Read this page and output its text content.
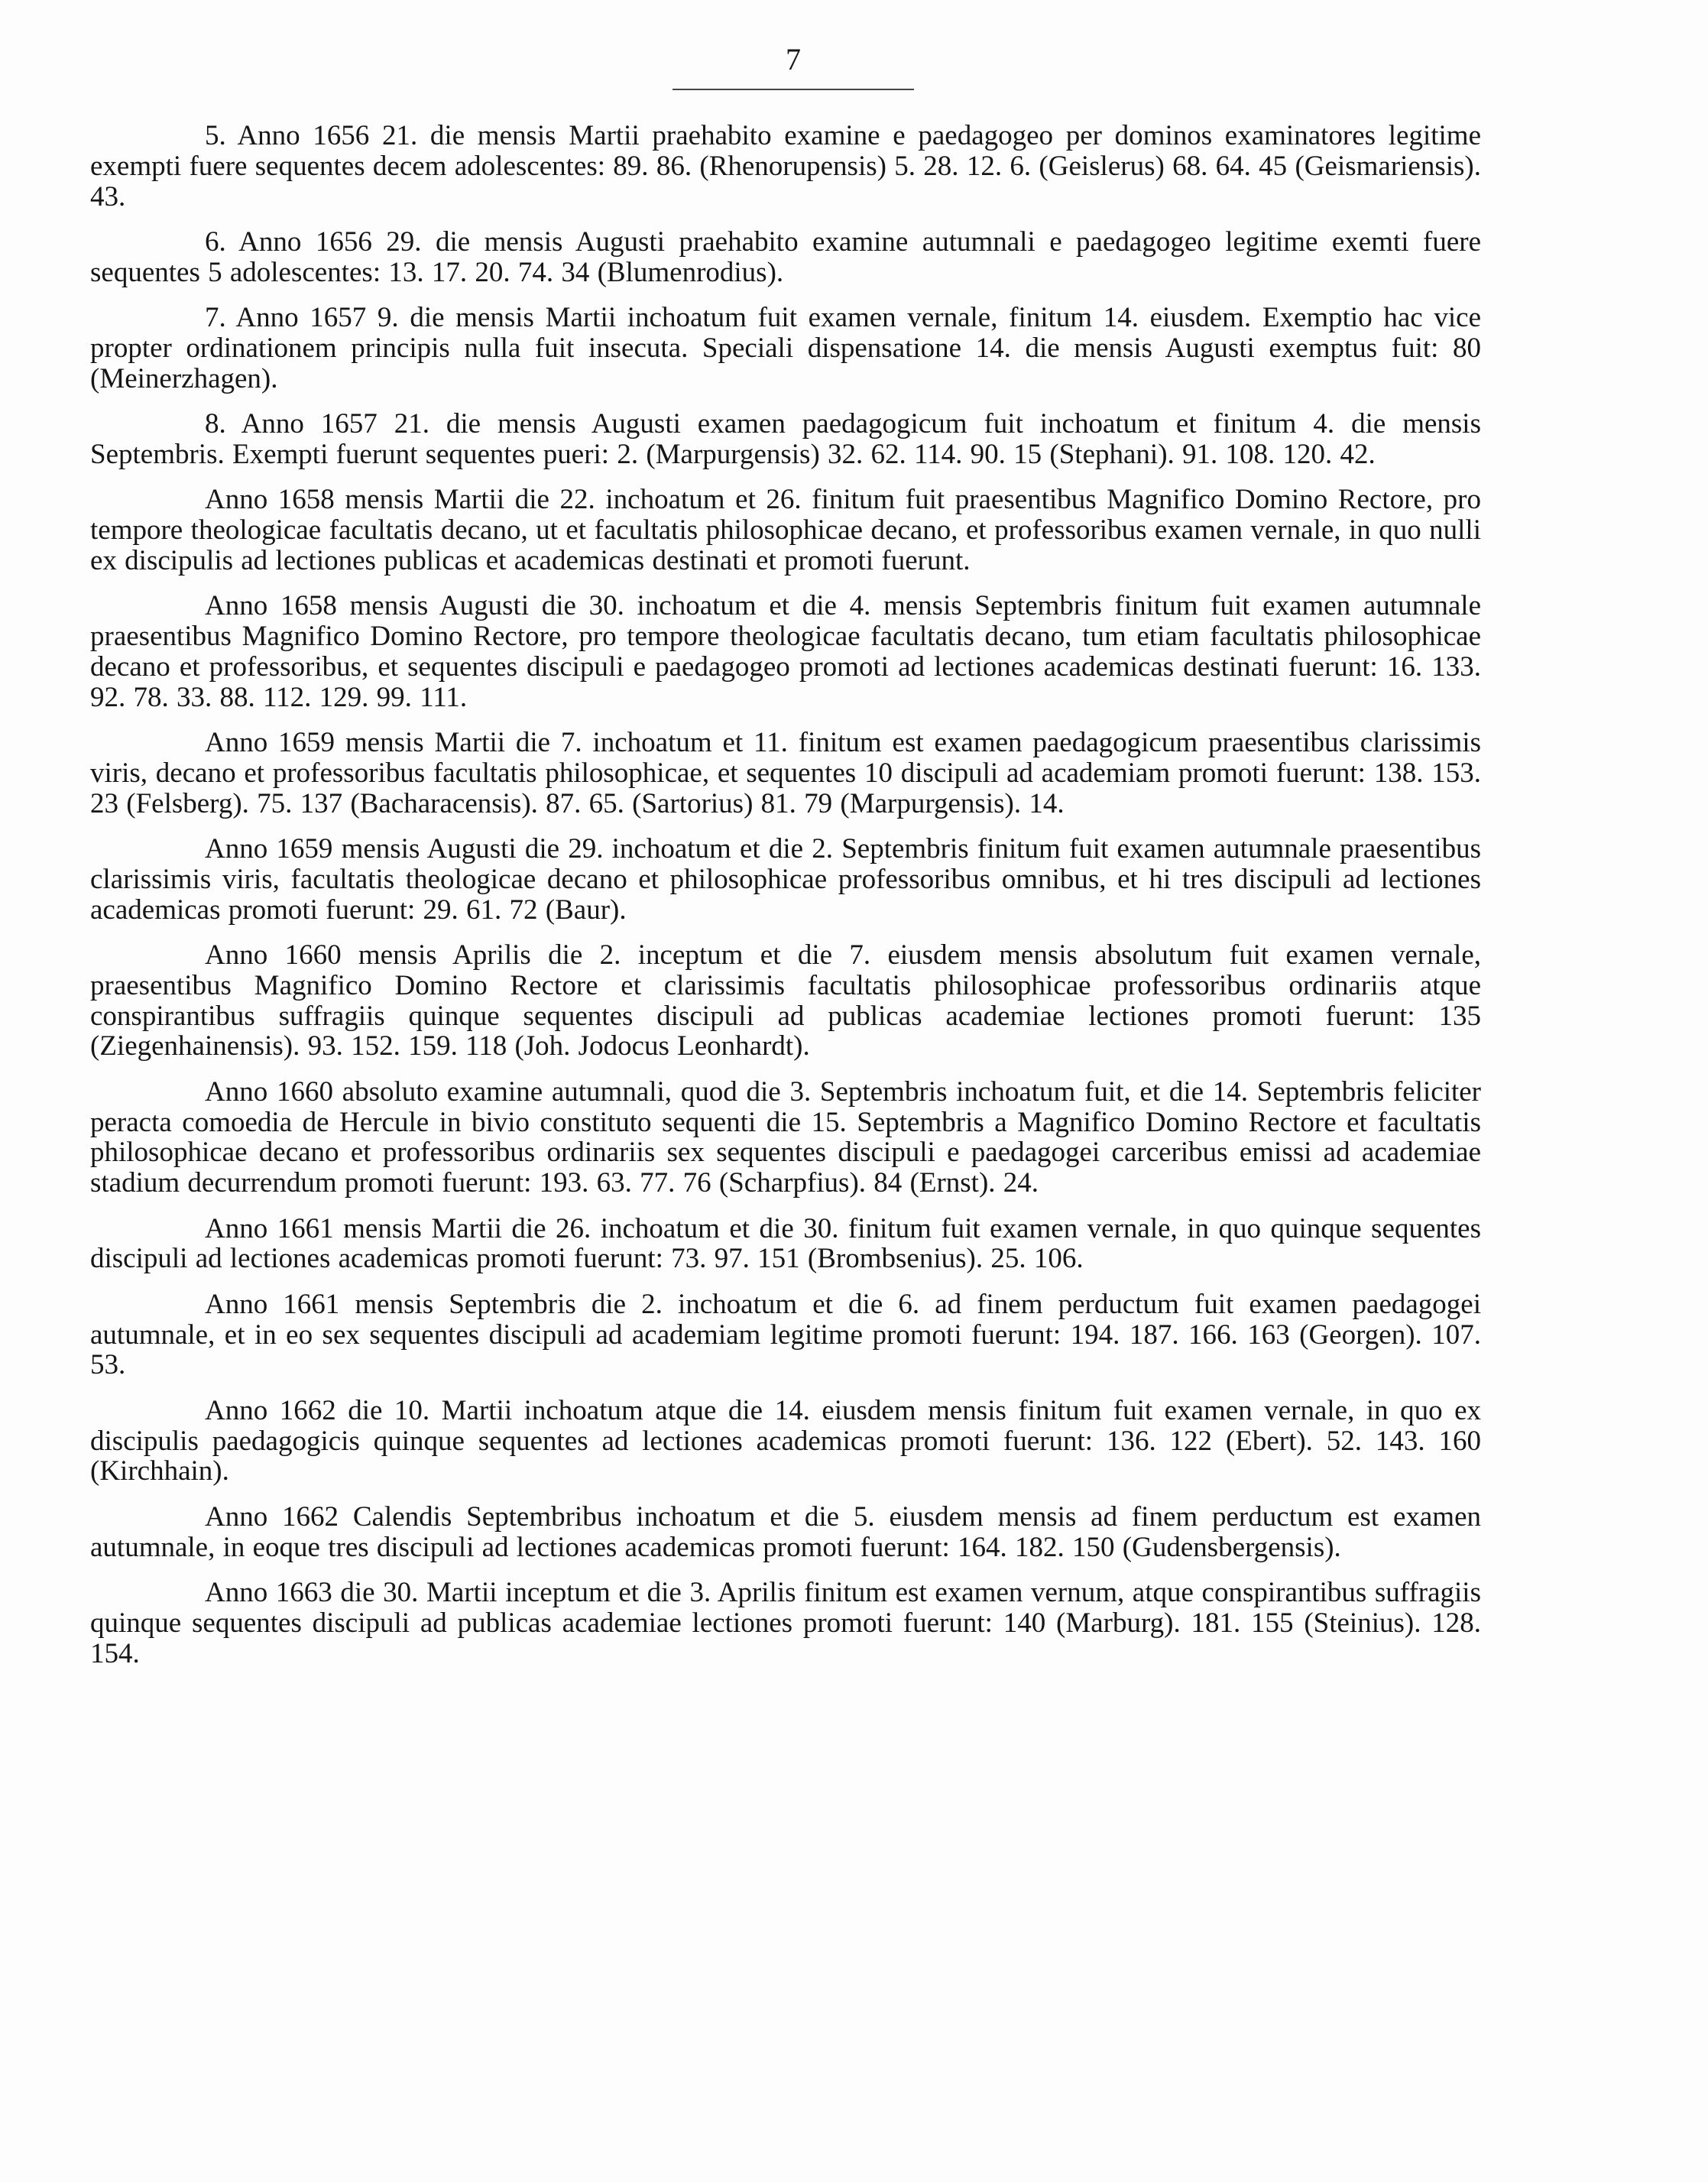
7

5. Anno 1656 21. die mensis Martii praehabito examine e paedagogeo per dominos examinatores legitime exempti fuere sequentes decem adolescentes: 89. 86. (Rhenorupensis) 5. 28. 12. 6. (Geislerus) 68. 64. 45 (Geismariensis). 43.

6. Anno 1656 29. die mensis Augusti praehabito examine autumnali e paedagogeo legitime exemti fuere sequentes 5 adolescentes: 13. 17. 20. 74. 34 (Blumenrodius).

7. Anno 1657 9. die mensis Martii inchoatum fuit examen vernale, finitum 14. eiusdem. Exemptio hac vice propter ordinationem principis nulla fuit insecuta. Speciali dispensatione 14. die mensis Augusti exemptus fuit: 80 (Meinerzhagen).

8. Anno 1657 21. die mensis Augusti examen paedagogicum fuit inchoatum et finitum 4. die mensis Septembris. Exempti fuerunt sequentes pueri: 2. (Marpurgensis) 32. 62. 114. 90. 15 (Stephani). 91. 108. 120. 42.

Anno 1658 mensis Martii die 22. inchoatum et 26. finitum fuit praesentibus Magnifico Domino Rectore, pro tempore theologicae facultatis decano, ut et facultatis philosophicae decano, et professoribus examen vernale, in quo nulli ex discipulis ad lectiones publicas et academicas destinati et promoti fuerunt.

Anno 1658 mensis Augusti die 30. inchoatum et die 4. mensis Septembris finitum fuit examen autumnale praesentibus Magnifico Domino Rectore, pro tempore theologicae facultatis decano, tum etiam facultatis philosophicae decano et professoribus, et sequentes discipuli e paedagogeo promoti ad lectiones academicas destinati fuerunt: 16. 133. 92. 78. 33. 88. 112. 129. 99. 111.

Anno 1659 mensis Martii die 7. inchoatum et 11. finitum est examen paedagogicum praesentibus clarissimis viris, decano et professoribus facultatis philosophicae, et sequentes 10 discipuli ad academiam promoti fuerunt: 138. 153. 23 (Felsberg). 75. 137 (Bacharacensis). 87. 65. (Sartorius) 81. 79 (Marpurgensis). 14.

Anno 1659 mensis Augusti die 29. inchoatum et die 2. Septembris finitum fuit examen autumnale praesentibus clarissimis viris, facultatis theologicae decano et philosophicae professoribus omnibus, et hi tres discipuli ad lectiones academicas promoti fuerunt: 29. 61. 72 (Baur).

Anno 1660 mensis Aprilis die 2. inceptum et die 7. eiusdem mensis absolutum fuit examen vernale, praesentibus Magnifico Domino Rectore et clarissimis facultatis philosophicae professoribus ordinariis atque conspirantibus suffragiis quinque sequentes discipuli ad publicas academiae lectiones promoti fuerunt: 135 (Ziegenhainensis). 93. 152. 159. 118 (Joh. Jodocus Leonhardt).

Anno 1660 absoluto examine autumnali, quod die 3. Septembris inchoatum fuit, et die 14. Septembris feliciter peracta comoedia de Hercule in bivio constituto sequenti die 15. Septembris a Magnifico Domino Rectore et facultatis philosophicae decano et professoribus ordinariis sex sequentes discipuli e paedagogei carceribus emissi ad academiae stadium decurrendum promoti fuerunt: 193. 63. 77. 76 (Scharpfius). 84 (Ernst). 24.

Anno 1661 mensis Martii die 26. inchoatum et die 30. finitum fuit examen vernale, in quo quinque sequentes discipuli ad lectiones academicas promoti fuerunt: 73. 97. 151 (Brombsenius). 25. 106.

Anno 1661 mensis Septembris die 2. inchoatum et die 6. ad finem perductum fuit examen paedagogei autumnale, et in eo sex sequentes discipuli ad academiam legitime promoti fuerunt: 194. 187. 166. 163 (Georgen). 107. 53.

Anno 1662 die 10. Martii inchoatum atque die 14. eiusdem mensis finitum fuit examen vernale, in quo ex discipulis paedagogicis quinque sequentes ad lectiones academicas promoti fuerunt: 136. 122 (Ebert). 52. 143. 160 (Kirchhain).

Anno 1662 Calendis Septembribus inchoatum et die 5. eiusdem mensis ad finem perductum est examen autumnale, in eoque tres discipuli ad lectiones academicas promoti fuerunt: 164. 182. 150 (Gudensbergensis).

Anno 1663 die 30. Martii inceptum et die 3. Aprilis finitum est examen vernum, atque conspirantibus suffragiis quinque sequentes discipuli ad publicas academiae lectiones promoti fuerunt: 140 (Marburg). 181. 155 (Steinius). 128. 154.
